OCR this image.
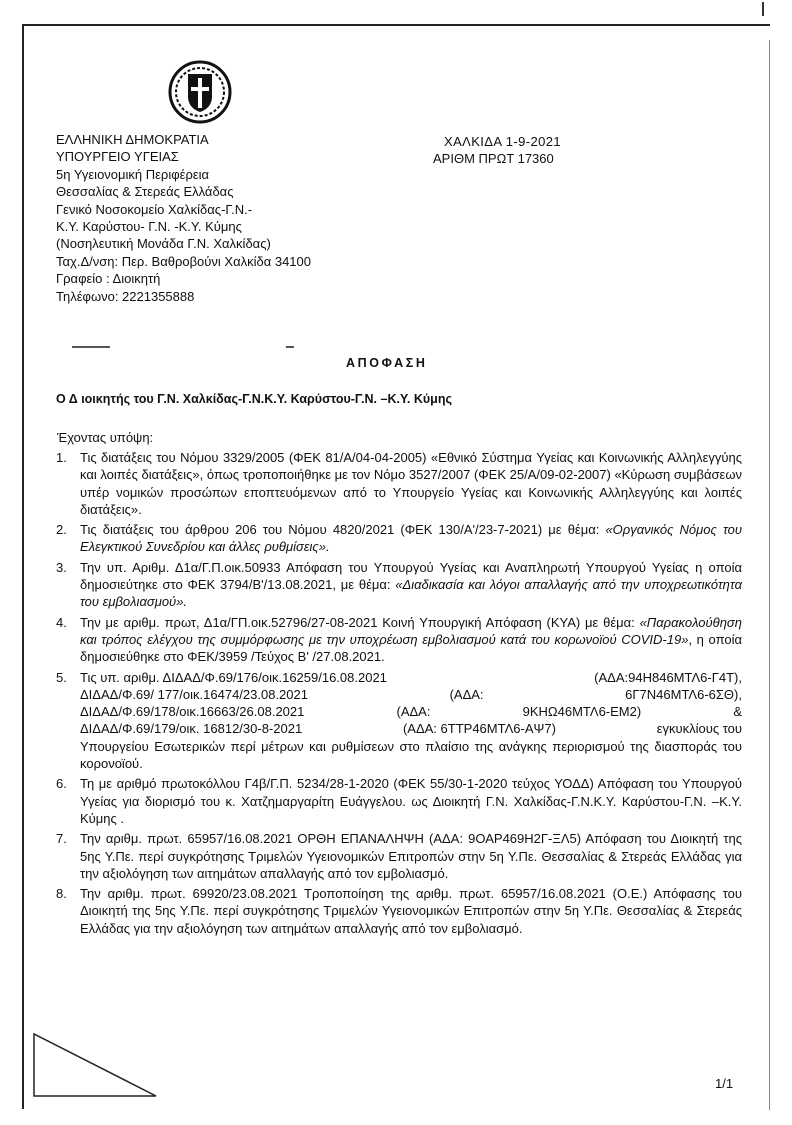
ΕΛΛΗΝΙΚΗ ΔΗΜΟΚΡΑΤΙΑ
ΥΠΟΥΡΓΕΙΟ ΥΓΕΙΑΣ
5η Υγειονομική Περιφέρεια
Θεσσαλίας & Στερεάς Ελλάδας
Γενικό Νοσοκομείο Χαλκίδας-Γ.Ν.-
Κ.Υ. Καρύστου- Γ.Ν. -Κ.Υ. Κύμης
(Νοσηλευτική Μονάδα Γ.Ν. Χαλκίδας)
Ταχ.Δ/νση: Περ. Βαθροβούνι Χαλκίδα 34100
Γραφείο : Διοικητή
Τηλέφωνο: 2221355888
ΧΑΛΚΙΔΑ 1-9-2021
ΑΡΙΘΜ ΠΡΩΤ 17360
ΑΠΟΦΑΣΗ
Ο Δ ιοικητής του Γ.Ν. Χαλκίδας-Γ.Ν.Κ.Υ. Καρύστου-Γ.Ν. –Κ.Υ. Κύμης
Έχοντας υπόψη:
1. Τις διατάξεις του Νόμου 3329/2005 (ΦΕΚ 81/Α/04-04-2005) «Εθνικό Σύστημα Υγείας και Κοινωνικής Αλληλεγγύης και λοιπές διατάξεις», όπως τροποποιήθηκε με τον Νόμο 3527/2007 (ΦΕΚ 25/Α/09-02-2007) «Κύρωση συμβάσεων υπέρ νομικών προσώπων εποπτευόμενων από το Υπουργείο Υγείας και Κοινωνικής Αλληλεγγύης και λοιπές διατάξεις».
2. Τις διατάξεις του άρθρου 206 του Νόμου 4820/2021 (ΦΕΚ 130/Α'/23-7-2021) με θέμα: «Οργανικός Νόμος του Ελεγκτικού Συνεδρίου και άλλες ρυθμίσεις».
3. Την υπ. Αριθμ. Δ1α/Γ.Π.οικ.50933 Απόφαση του Υπουργού Υγείας και Αναπληρωτή Υπουργού Υγείας η οποία δημοσιεύτηκε στο ΦΕΚ 3794/Β'/13.08.2021, με θέμα: «Διαδικασία και λόγοι απαλλαγής από την υποχρεωτικότητα του εμβολιασμού».
4. Την με αριθμ. πρωτ, Δ1α/ΓΠ.οικ.52796/27-08-2021 Κοινή Υπουργική Απόφαση (ΚΥΑ) με θέμα: «Παρακολούθηση και τρόπος ελέγχου της συμμόρφωσης με την υποχρέωση εμβολιασμού κατά του κορωνοϊού COVID-19», η οποία δημοσιεύθηκε στο ΦΕΚ/3959 /Τεύχος Β' /27.08.2021.
5. Τις υπ. αριθμ. ΔΙΔΑΔ/Φ.69/176/οικ.16259/16.08.2021	(ΑΔΑ:94Η846ΜΤΛ6-Γ4Τ),
ΔΙΔΑΔ/Φ.69/ 177/οικ.16474/23.08.2021	(ΑΔΑ:	6Γ7Ν46ΜΤΛ6-6ΣΘ),
ΔΙΔΑΔ/Φ.69/178/οικ.16663/26.08.2021	(ΑΔΑ:	9ΚΗΩ46ΜΤΛ6-ΕΜ2)	&
ΔΙΔΑΔ/Φ.69/179/οικ. 16812/30-8-2021	(ΑΔΑ: 6ΤΤΡ46ΜΤΛ6-ΑΨ7)	εγκυκλίους του
Υπουργείου Εσωτερικών περί μέτρων και ρυθμίσεων στο πλαίσιο της ανάγκης περιορισμού της διασποράς του κορονοϊού.
6. Τη με αριθμό πρωτοκόλλου Γ4β/Γ.Π. 5234/28-1-2020 (ΦΕΚ 55/30-1-2020 τεύχος ΥΟΔΔ) Απόφαση του Υπουργού Υγείας για διορισμό του κ. Χατζημαργαρίτη Ευάγγελου. ως Διοικητή Γ.Ν. Χαλκίδας-Γ.Ν.Κ.Υ. Καρύστου-Γ.Ν. –Κ.Υ. Κύμης .
7. Την αριθμ. πρωτ. 65957/16.08.2021 ΟΡΘΗ ΕΠΑΝΑΛΗΨΗ (ΑΔΑ: 9ΟΑΡ469Η2Γ-ΞΛ5) Απόφαση του Διοικητή της 5ης Υ.Πε. περί συγκρότησης Τριμελών Υγειονομικών Επιτροπών στην 5η Υ.Πε. Θεσσαλίας & Στερεάς Ελλάδας για την αξιολόγηση των αιτημάτων απαλλαγής από τον εμβολιασμό.
8. Την αριθμ. πρωτ. 69920/23.08.2021 Τροποποίηση της αριθμ. πρωτ. 65957/16.08.2021 (Ο.Ε.) Απόφασης του Διοικητή της 5ης Υ.Πε. περί συγκρότησης Τριμελών Υγειονομικών Επιτροπών στην 5η Υ.Πε. Θεσσαλίας & Στερεάς Ελλάδας για την αξιολόγηση των αιτημάτων απαλλαγής από τον εμβολιασμό.
1/1
